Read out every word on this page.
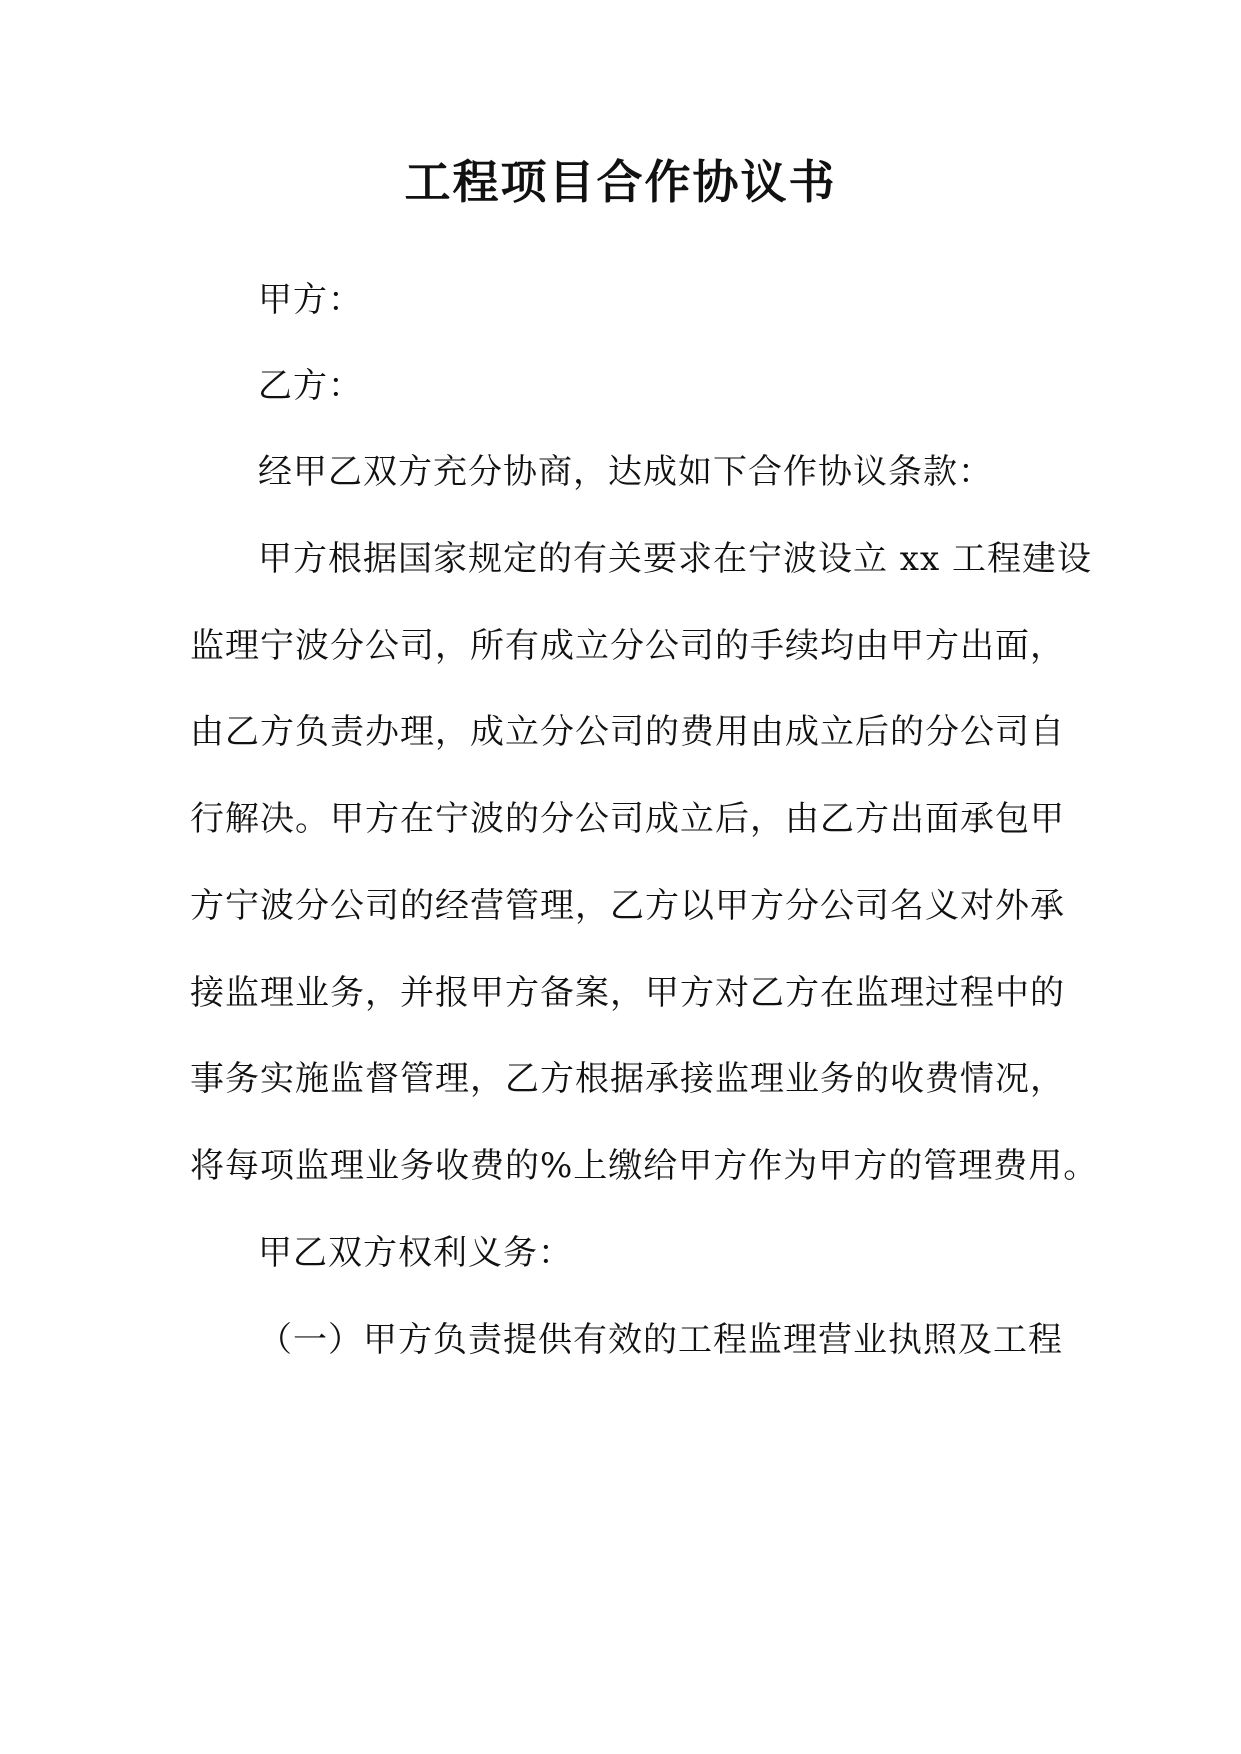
工程项目合作协议书
甲方：
乙方：
经甲乙双方充分协商，达成如下合作协议条款：
甲方根据国家规定的有关要求在宁波设立 xx 工程建设
监理宁波分公司，所有成立分公司的手续均由甲方出面，
由乙方负责办理，成立分公司的费用由成立后的分公司自
行解决。甲方在宁波的分公司成立后，由乙方出面承包甲
方宁波分公司的经营管理，乙方以甲方分公司名义对外承
接监理业务，并报甲方备案，甲方对乙方在监理过程中的
事务实施监督管理，乙方根据承接监理业务的收费情况，
将每项监理业务收费的%上缴给甲方作为甲方的管理费用。
甲乙双方权利义务：
（一）甲方负责提供有效的工程监理营业执照及工程
